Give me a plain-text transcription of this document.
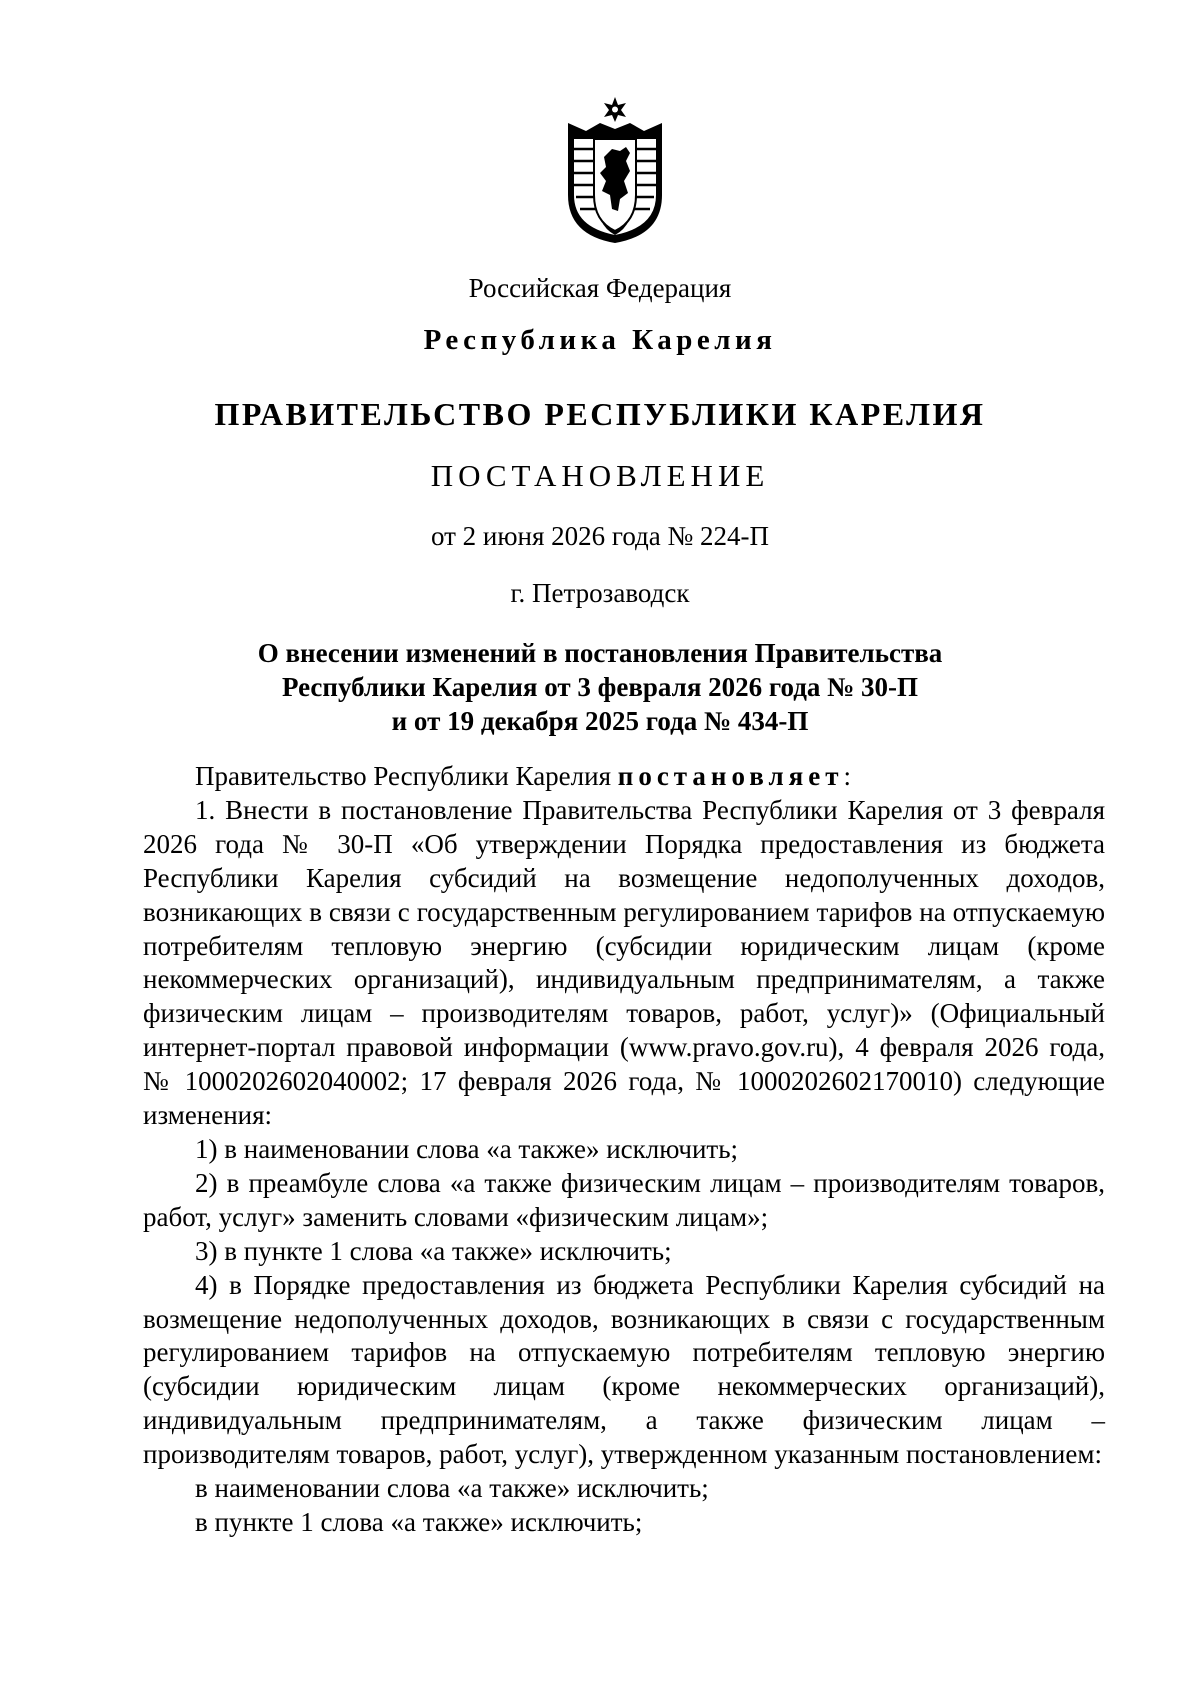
Российская Федерация
Республика Карелия
ПРАВИТЕЛЬСТВО РЕСПУБЛИКИ КАРЕЛИЯ
ПОСТАНОВЛЕНИЕ
от 2 июня 2026 года № 224-П
г. Петрозаводск
О внесении изменений в постановления Правительства
Республики Карелия от 3 февраля 2026 года № 30-П
и от 19 декабря 2025 года № 434-П

Правительство Республики Карелия постановляет:

1. Внести в постановление Правительства Республики Карелия от 3 февраля 2026 года № 30-П «Об утверждении Порядка предоставления из бюджета Республики Карелия субсидий на возмещение недополученных доходов, возникающих в связи с государственным регулированием тарифов на отпускаемую потребителям тепловую энергию (субсидии юридическим лицам (кроме некоммерческих организаций), индивидуальным предпринимателям, а также физическим лицам – производителям товаров, работ, услуг)» (Официальный интернет-портал правовой информации (www.pravo.gov.ru), 4 февраля 2026 года, № 1000202602040002; 17 февраля 2026 года, № 1000202602170010) следующие изменения:

1) в наименовании слова «а также» исключить;

2) в преамбуле слова «а также физическим лицам – производителям товаров, работ, услуг» заменить словами «физическим лицам»;

3) в пункте 1 слова «а также» исключить;

4) в Порядке предоставления из бюджета Республики Карелия субсидий на возмещение недополученных доходов, возникающих в связи с государственным регулированием тарифов на отпускаемую потребителям тепловую энергию (субсидии юридическим лицам (кроме некоммерческих организаций), индивидуальным предпринимателям, а также физическим лицам – производителям товаров, работ, услуг), утвержденном указанным постановлением:

в наименовании слова «а также» исключить;

в пункте 1 слова «а также» исключить;
